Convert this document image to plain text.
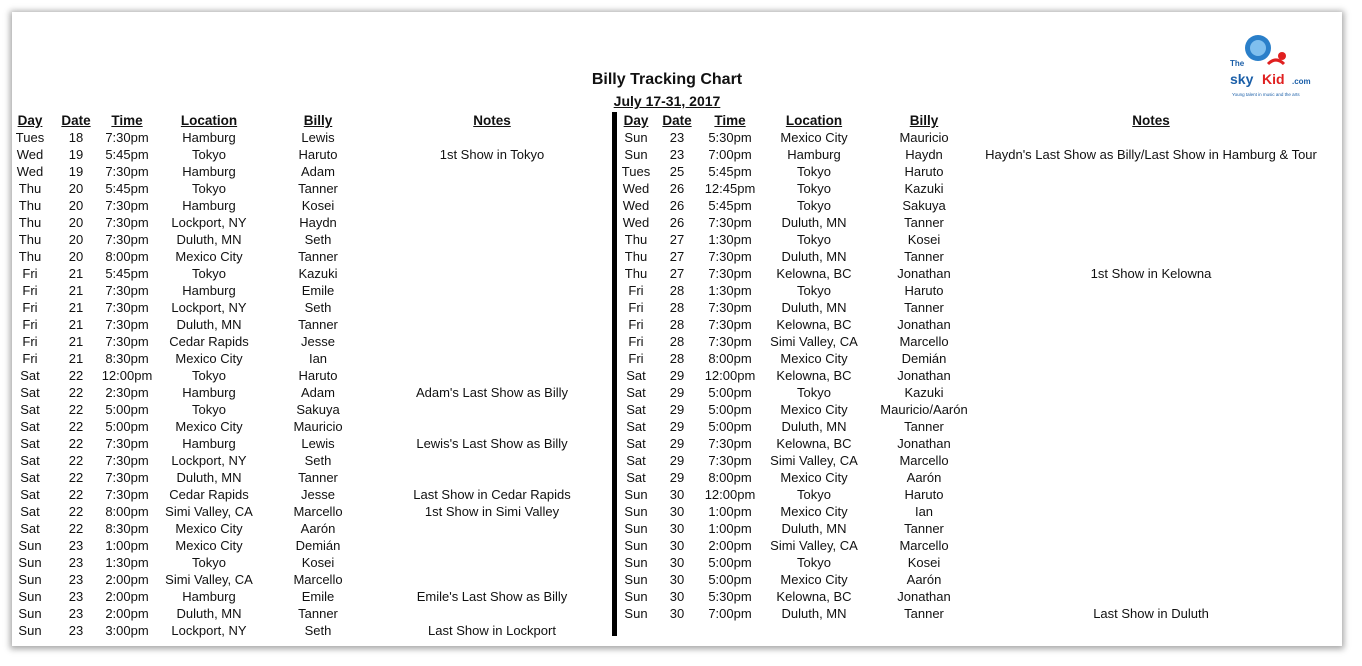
Billy Tracking Chart
July 17-31, 2017
The
sky Kid .com
Young talent in music and the arts
Day Date Time	Location	Billy	Notes
Tues 18 7:30pm	Hamburg	Lewis
Wed 19 5:45pm	Tokyo	Haruto	1st Show in Tokyo
Wed 19 7:30pm	Hamburg	Adam
Thu 20 5:45pm	Tokyo	Tanner
Thu 20 7:30pm	Hamburg	Kosei
Thu 20 7:30pm Lockport, NY	Haydn
Thu 20 7:30pm Duluth, MN	Seth
Thu 20 8:00pm Mexico City	Tanner
Fri 21 5:45pm	Tokyo	Kazuki
Fri 21 7:30pm	Hamburg	Emile
Fri 21 7:30pm Lockport, NY	Seth
Fri 21 7:30pm Duluth, MN	Tanner
Fri 21 7:30pm Cedar Rapids	Jesse
Fri 21 8:30pm Mexico City	Ian
Sat 22 12:00pm	Tokyo	Haruto
Sat 22 2:30pm	Hamburg	Adam	Adam's Last Show as Billy
Sat 22 5:00pm	Tokyo	Sakuya
Sat 22 5:00pm Mexico City	Mauricio
Sat 22 7:30pm	Hamburg	Lewis	Lewis's Last Show as Billy
Sat 22 7:30pm Lockport, NY	Seth
Sat 22 7:30pm Duluth, MN	Tanner
Sat 22 7:30pm Cedar Rapids	Jesse	Last Show in Cedar Rapids
Sat 22 8:00pm Simi Valley, CA	Marcello	1st Show in Simi Valley
Sat 22 8:30pm Mexico City	Aarón
Sun 23 1:00pm Mexico City	Demián
Sun 23 1:30pm	Tokyo	Kosei
Sun 23 2:00pm Simi Valley, CA	Marcello
Sun 23 2:00pm	Hamburg	Emile	Emile's Last Show as Billy
Sun 23 2:00pm Duluth, MN	Tanner
Sun 23 3:00pm Lockport, NY	Seth	Last Show in Lockport
Day Date Time	Location	Billy	Notes
Sun 23 5:30pm Mexico City	Mauricio
Sun 23 7:00pm	Hamburg	Haydn	Haydn's Last Show as Billy/Last Show in Hamburg & Tour
Tues 25 5:45pm	Tokyo	Haruto
Wed 26 12:45pm	Tokyo	Kazuki
Wed 26 5:45pm	Tokyo	Sakuya
Wed 26 7:30pm Duluth, MN	Tanner
Thu 27 1:30pm	Tokyo	Kosei
Thu 27 7:30pm Duluth, MN	Tanner
Thu 27 7:30pm Kelowna, BC	Jonathan	1st Show in Kelowna
Fri 28 1:30pm	Tokyo	Haruto
Fri 28 7:30pm Duluth, MN	Tanner
Fri 28 7:30pm Kelowna, BC	Jonathan
Fri 28 7:30pm Simi Valley, CA	Marcello
Fri 28 8:00pm Mexico City	Demián
Sat 29 12:00pm Kelowna, BC	Jonathan
Sat 29 5:00pm	Tokyo	Kazuki
Sat 29 5:00pm Mexico City	Mauricio/Aarón
Sat 29 5:00pm Duluth, MN	Tanner
Sat 29 7:30pm Kelowna, BC	Jonathan
Sat 29 7:30pm Simi Valley, CA	Marcello
Sat 29 8:00pm Mexico City	Aarón
Sun 30 12:00pm	Tokyo	Haruto
Sun 30 1:00pm Mexico City	Ian
Sun 30 1:00pm Duluth, MN	Tanner
Sun 30 2:00pm Simi Valley, CA	Marcello
Sun 30 5:00pm	Tokyo	Kosei
Sun 30 5:00pm Mexico City	Aarón
Sun 30 5:30pm Kelowna, BC	Jonathan
Sun 30 7:00pm Duluth, MN	Tanner	Last Show in Duluth
